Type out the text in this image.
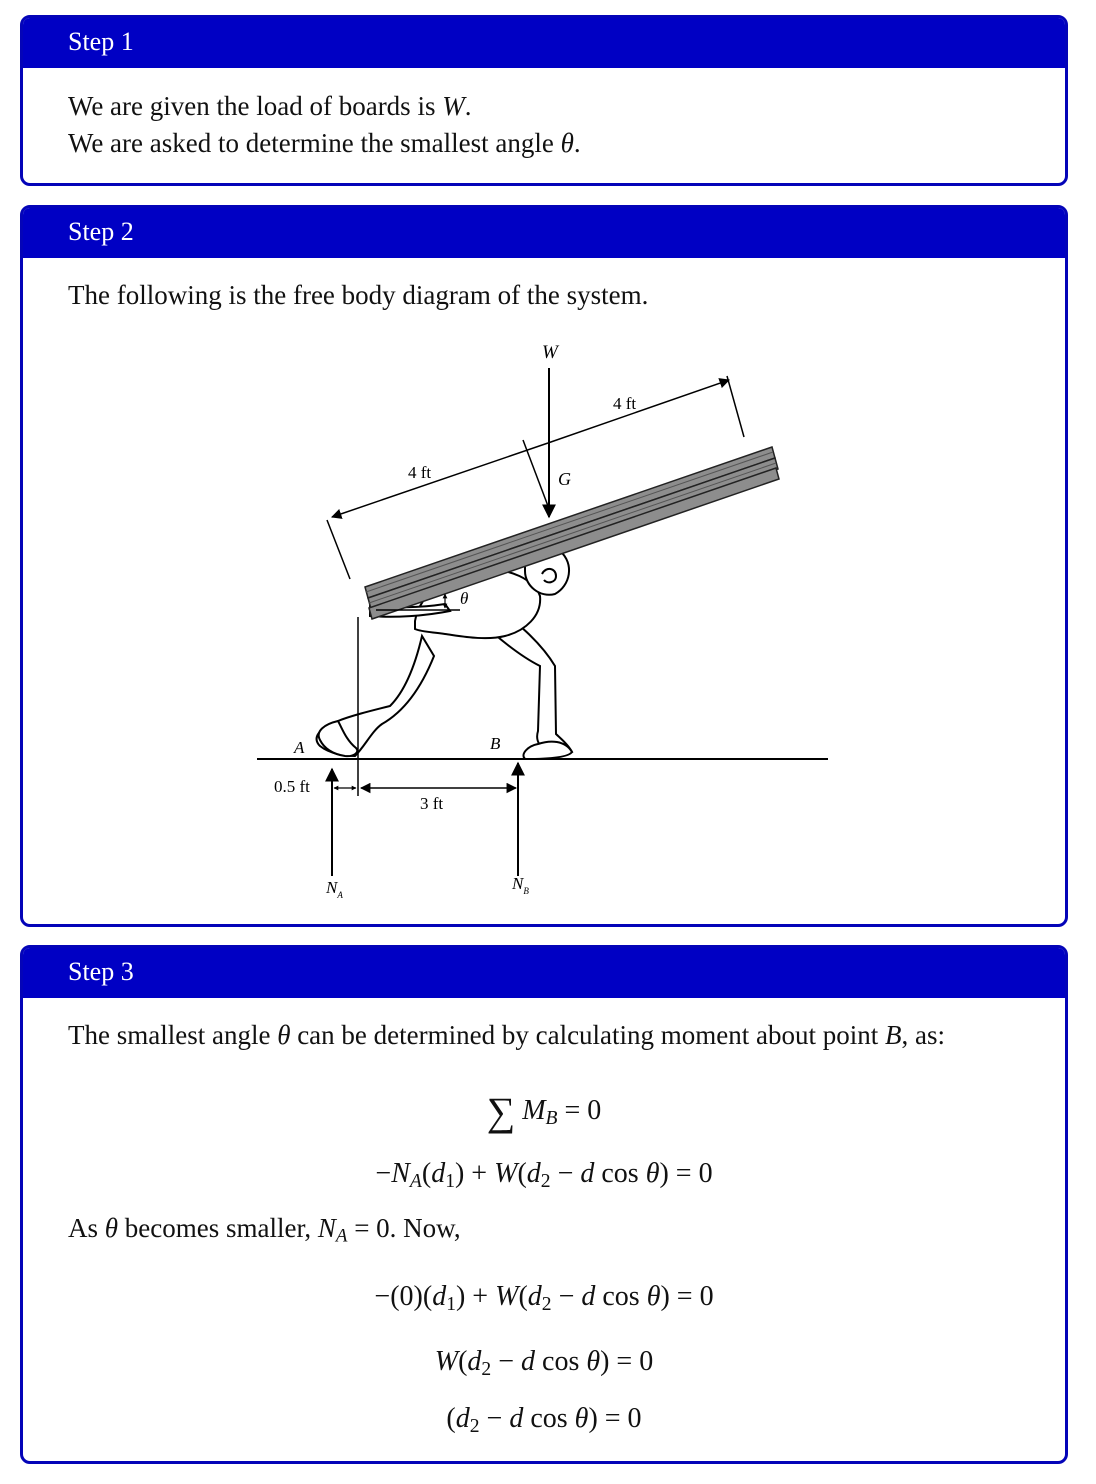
Step 1
We are given the load of boards is W.
We are asked to determine the smallest angle θ.
Step 2
The following is the free body diagram of the system.
θ
4 ft
4 ft
W
G
A	B
0.5 ft
3 ft
$N_A$
$N_B$
Step 3
The smallest angle θ can be determined by calculating moment about point B, as:
∑ $M_B = 0$
$-N_A(d_1) + W(d_2 - d$ cos θ) = 0
As θ becomes smaller, $N_A = 0$. Now,
$-(0)(d_1) + W(d_2 - d$ cos θ) = 0
$W(d_2 - d$ cos θ) = 0
($d_2 - d$ cos θ) = 0
